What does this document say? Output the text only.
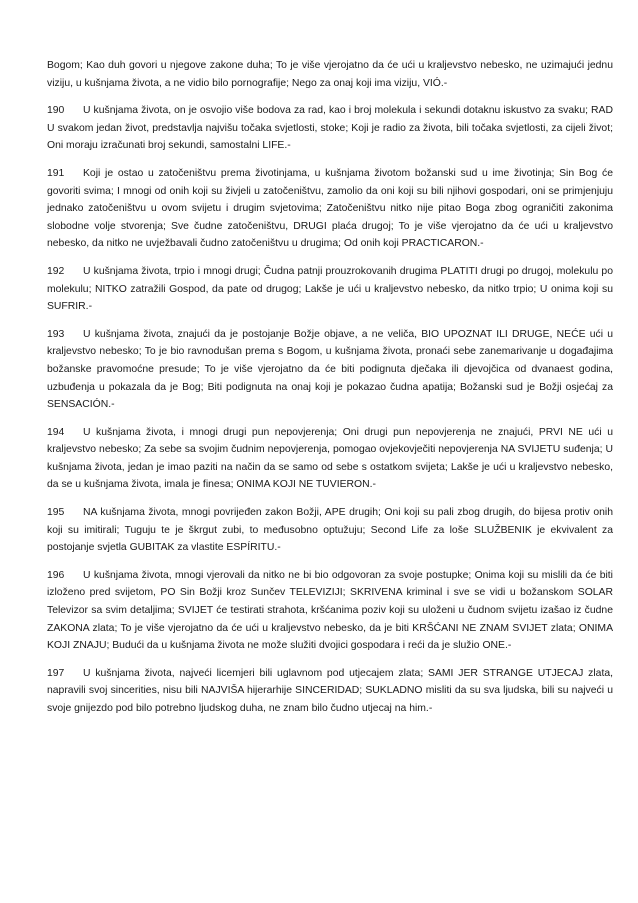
Bogom; Kao duh govori u njegove zakone duha; To je više vjerojatno da će ući u kraljevstvo nebesko, ne uzimajući jednu viziju, u kušnjama života, a ne vidio bilo pornografije; Nego za onaj koji ima viziju, VIÓ.-

190 U kušnjama života, on je osvojio više bodova za rad, kao i broj molekula i sekundi dotaknu iskustvo za svaku; RAD U svakom jedan život, predstavlja najvišu točaka svjetlosti, stoke; Koji je radio za života, bili točaka svjetlosti, za cijeli život; Oni moraju izračunati broj sekundi, samostalni LIFE.-

191 Koji je ostao u zatočeništvu prema životinjama, u kušnjama životom božanski sud u ime životinja; Sin Bog će govoriti svima; I mnogi od onih koji su živjeli u zatočeništvu, zamolio da oni koji su bili njihovi gospodari, oni se primjenjuju jednako zatočeništvu u ovom svijetu i drugim svjetovima; Zatočeništvu nitko nije pitao Boga zbog ograničiti zakonima slobodne volje stvorenja; Sve čudne zatočeništvu, DRUGI plaća drugoj; To je više vjerojatno da će ući u kraljevstvo nebesko, da nitko ne uvježbavali čudno zatočeništvu u drugima; Od onih koji PRACTICARON.-

192 U kušnjama života, trpio i mnogi drugi; Čudna patnji prouzrokovanih drugima PLATITI drugi po drugoj, molekulu po molekulu; NITKO zatražili Gospod, da pate od drugog; Lakše je ući u kraljevstvo nebesko, da nitko trpio; U onima koji su SUFRIR.-

193 U kušnjama života, znajući da je postojanje Božje objave, a ne veliča, BIO UPOZNAT ILI DRUGE, NEĆE ući u kraljevstvo nebesko; To je bio ravnodušan prema s Bogom, u kušnjama života, pronaći sebe zanemarivanje u događajima božanske pravomoćne presude; To je više vjerojatno da će biti podignuta dječaka ili djevojčica od dvanaest godina, uzbuđenja u pokazala da je Bog; Biti podignuta na onaj koji je pokazao čudna apatija; Božanski sud je Božji osjećaj za SENSACIÓN.-

194 U kušnjama života, i mnogi drugi pun nepovjerenja; Oni drugi pun nepovjerenja ne znajući, PRVI NE ući u kraljevstvo nebesko; Za sebe sa svojim čudnim nepovjerenja, pomogao ovjekovječiti nepovjerenja NA SVIJETU suđenja; U kušnjama života, jedan je imao paziti na način da se samo od sebe s ostatkom svijeta; Lakše je ući u kraljevstvo nebesko, da se u kušnjama života, imala je finesa; ONIMA KOJI NE TUVIERON.-

195 NA kušnjama života, mnogi povrijeđen zakon Božji, APE drugih; Oni koji su pali zbog drugih, do bijesa protiv onih koji su imitirali; Tuguju te je škrgut zubi, to međusobno optužuju; Second Life za loše SLUŽBENIK je ekvivalent za postojanje svjetla GUBITAK za vlastite ESPÍRITU.-

196 U kušnjama života, mnogi vjerovali da nitko ne bi bio odgovoran za svoje postupke; Onima koji su mislili da će biti izloženo pred svijetom, PO Sin Božji kroz Sunčev TELEVIZIJI; SKRIVENA kriminal i sve se vidi u božanskom SOLAR Televizor sa svim detaljima; SVIJET će testirati strahota, kršćanima poziv koji su uloženi u čudnom svijetu izašao iz čudne ZAKONA zlata; To je više vjerojatno da će ući u kraljevstvo nebesko, da je biti KRŠĆANI NE ZNAM SVIJET zlata; ONIMA KOJI ZNAJU; Budući da u kušnjama života ne može služiti dvojici gospodara i reći da je služio ONE.-

197 U kušnjama života, najveći licemjeri bili uglavnom pod utjecajem zlata; SAMI JER STRANGE UTJECAJ zlata, napravili svoj sincerities, nisu bili NAJVIŠA hijerarhije SINCERIDAD; SUKLADNO misliti da su sva ljudska, bili su najveći u svoje gnijezdo pod bilo potrebno ljudskog duha, ne znam bilo čudno utjecaj na him.-
